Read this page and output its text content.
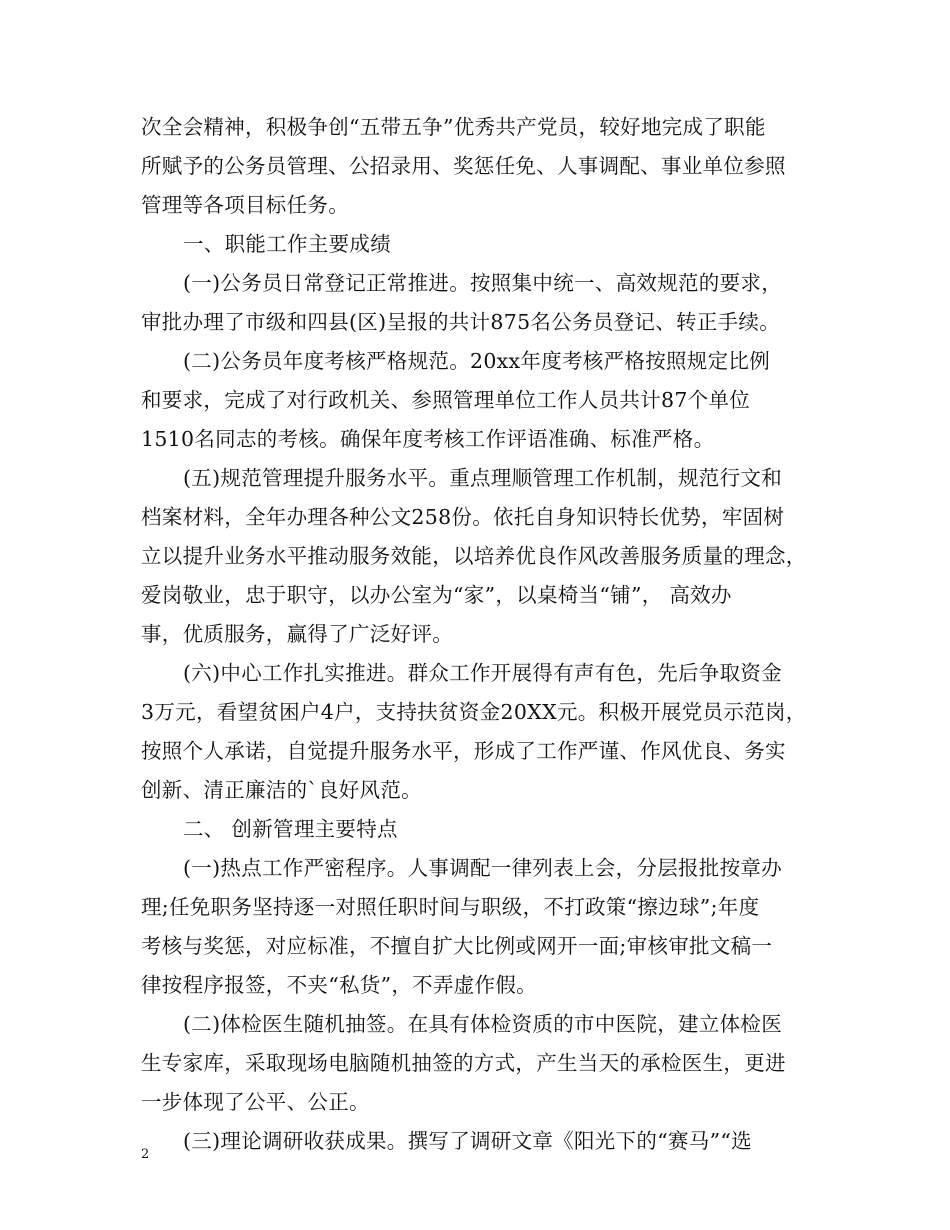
次全会精神，积极争创“五带五争”优秀共产党员，较好地完成了职能
所赋予的公务员管理、公招录用、奖惩任免、人事调配、事业单位参照
管理等各项目标任务。
一、职能工作主要成绩
(一)公务员日常登记正常推进。按照集中统一、高效规范的要求，
审批办理了市级和四县(区)呈报的共计875名公务员登记、转正手续。
(二)公务员年度考核严格规范。20xx年度考核严格按照规定比例
和要求，完成了对行政机关、参照管理单位工作人员共计87个单位
1510名同志的考核。确保年度考核工作评语准确、标准严格。
(五)规范管理提升服务水平。重点理顺管理工作机制，规范行文和
档案材料，全年办理各种公文258份。依托自身知识特长优势，牢固树
立以提升业务水平推动服务效能，以培养优良作风改善服务质量的理念，
爱岗敬业，忠于职守，以办公室为“家”，以桌椅当“铺”， 高效办
事，优质服务，赢得了广泛好评。
(六)中心工作扎实推进。群众工作开展得有声有色，先后争取资金
3万元，看望贫困户4户，支持扶贫资金20XX元。积极开展党员示范岗，
按照个人承诺，自觉提升服务水平，形成了工作严谨、作风优良、务实
创新、清正廉洁的`良好风范。
二、 创新管理主要特点
(一)热点工作严密程序。人事调配一律列表上会，分层报批按章办
理;任免职务坚持逐一对照任职时间与职级，不打政策“擦边球”;年度
考核与奖惩，对应标准，不擅自扩大比例或网开一面;审核审批文稿一
律按程序报签，不夹“私货”，不弄虚作假。
(二)体检医生随机抽签。在具有体检资质的市中医院，建立体检医
生专家库，采取现场电脑随机抽签的方式，产生当天的承检医生，更进
一步体现了公平、公正。
(三)理论调研收获成果。撰写了调研文章《阳光下的“赛马”“选
2
